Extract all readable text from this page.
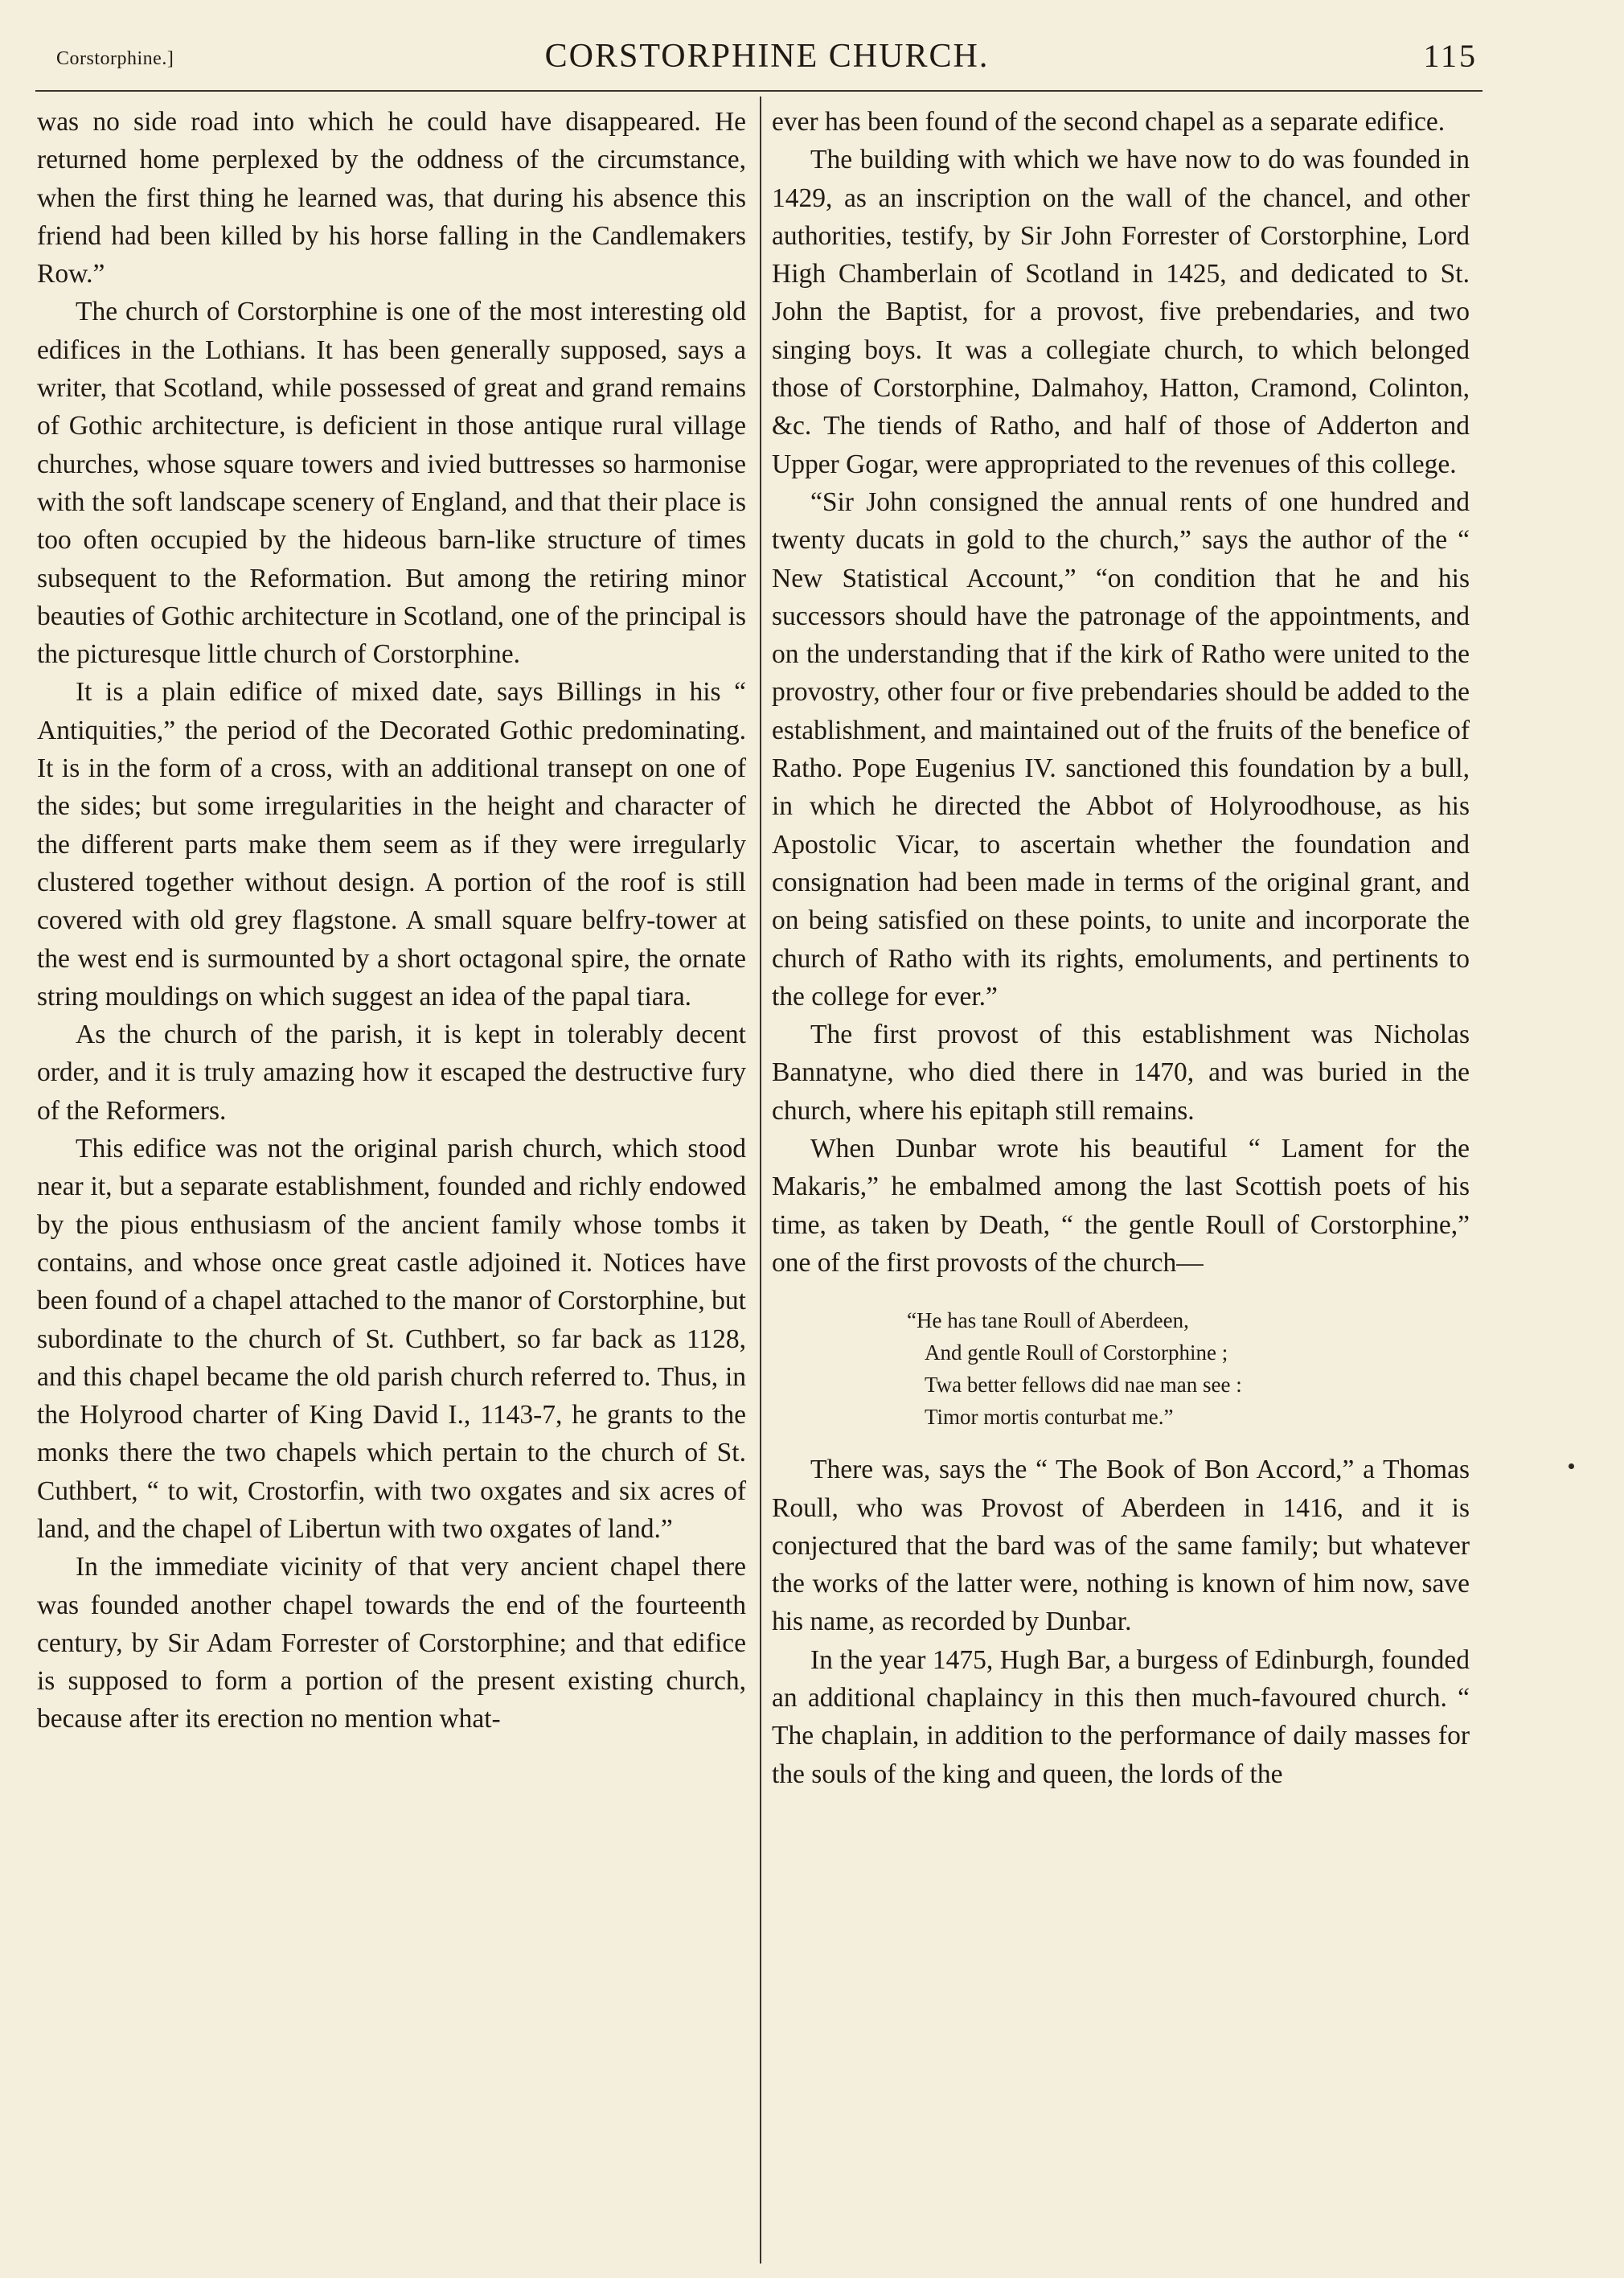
Corstorphine.]	CORSTORPHINE CHURCH.	115

was no side road into which he could have disappeared. He returned home perplexed by the oddness of the circumstance, when the first thing he learned was, that during his absence this friend had been killed by his horse falling in the Candlemakers Row.”

The church of Corstorphine is one of the most interesting old edifices in the Lothians. It has been generally supposed, says a writer, that Scotland, while possessed of great and grand remains of Gothic architecture, is deficient in those antique rural village churches, whose square towers and ivied buttresses so harmonise with the soft landscape scenery of England, and that their place is too often occupied by the hideous barn-like structure of times subsequent to the Reformation. But among the retiring minor beauties of Gothic architecture in Scotland, one of the principal is the picturesque little church of Corstorphine.

It is a plain edifice of mixed date, says Billings in his “ Antiquities,” the period of the Decorated Gothic predominating. It is in the form of a cross, with an additional transept on one of the sides; but some irregularities in the height and character of the different parts make them seem as if they were irregularly clustered together without design. A portion of the roof is still covered with old grey flagstone. A small square belfry-tower at the west end is surmounted by a short octagonal spire, the ornate string mouldings on which suggest an idea of the papal tiara.

As the church of the parish, it is kept in tolerably decent order, and it is truly amazing how it escaped the destructive fury of the Reformers.

This edifice was not the original parish church, which stood near it, but a separate establishment, founded and richly endowed by the pious enthusiasm of the ancient family whose tombs it contains, and whose once great castle adjoined it. Notices have been found of a chapel attached to the manor of Corstorphine, but subordinate to the church of St. Cuthbert, so far back as 1128, and this chapel became the old parish church referred to. Thus, in the Holyrood charter of King David I., 1143-7, he grants to the monks there the two chapels which pertain to the church of St. Cuthbert, “ to wit, Crostorfin, with two oxgates and six acres of land, and the chapel of Libertun with two oxgates of land.”

In the immediate vicinity of that very ancient chapel there was founded another chapel towards the end of the fourteenth century, by Sir Adam Forrester of Corstorphine; and that edifice is supposed to form a portion of the present existing church, because after its erection no mention what-

ever has been found of the second chapel as a separate edifice.

The building with which we have now to do was founded in 1429, as an inscription on the wall of the chancel, and other authorities, testify, by Sir John Forrester of Corstorphine, Lord High Chamberlain of Scotland in 1425, and dedicated to St. John the Baptist, for a provost, five prebendaries, and two singing boys. It was a collegiate church, to which belonged those of Corstorphine, Dalmahoy, Hatton, Cramond, Colinton, &c. The tiends of Ratho, and half of those of Adderton and Upper Gogar, were appropriated to the revenues of this college.

“Sir John consigned the annual rents of one hundred and twenty ducats in gold to the church,” says the author of the “ New Statistical Account,” “on condition that he and his successors should have the patronage of the appointments, and on the understanding that if the kirk of Ratho were united to the provostry, other four or five prebendaries should be added to the establishment, and maintained out of the fruits of the benefice of Ratho. Pope Eugenius IV. sanctioned this foundation by a bull, in which he directed the Abbot of Holyroodhouse, as his Apostolic Vicar, to ascertain whether the foundation and consignation had been made in terms of the original grant, and on being satisfied on these points, to unite and incorporate the church of Ratho with its rights, emoluments, and pertinents to the college for ever.”

The first provost of this establishment was Nicholas Bannatyne, who died there in 1470, and was buried in the church, where his epitaph still remains.

When Dunbar wrote his beautiful “ Lament for the Makaris,” he embalmed among the last Scottish poets of his time, as taken by Death, “ the gentle Roull of Corstorphine,” one of the first provosts of the church—

“He has tane Roull of Aberdeen,
And gentle Roull of Corstorphine ;
Twa better fellows did nae man see :
Timor mortis conturbat me.”

There was, says the “ The Book of Bon Accord,” a Thomas Roull, who was Provost of Aberdeen in 1416, and it is conjectured that the bard was of the same family; but whatever the works of the latter were, nothing is known of him now, save his name, as recorded by Dunbar.

In the year 1475, Hugh Bar, a burgess of Edinburgh, founded an additional chaplaincy in this then much-favoured church. “ The chaplain, in addition to the performance of daily masses for the souls of the king and queen, the lords of the
